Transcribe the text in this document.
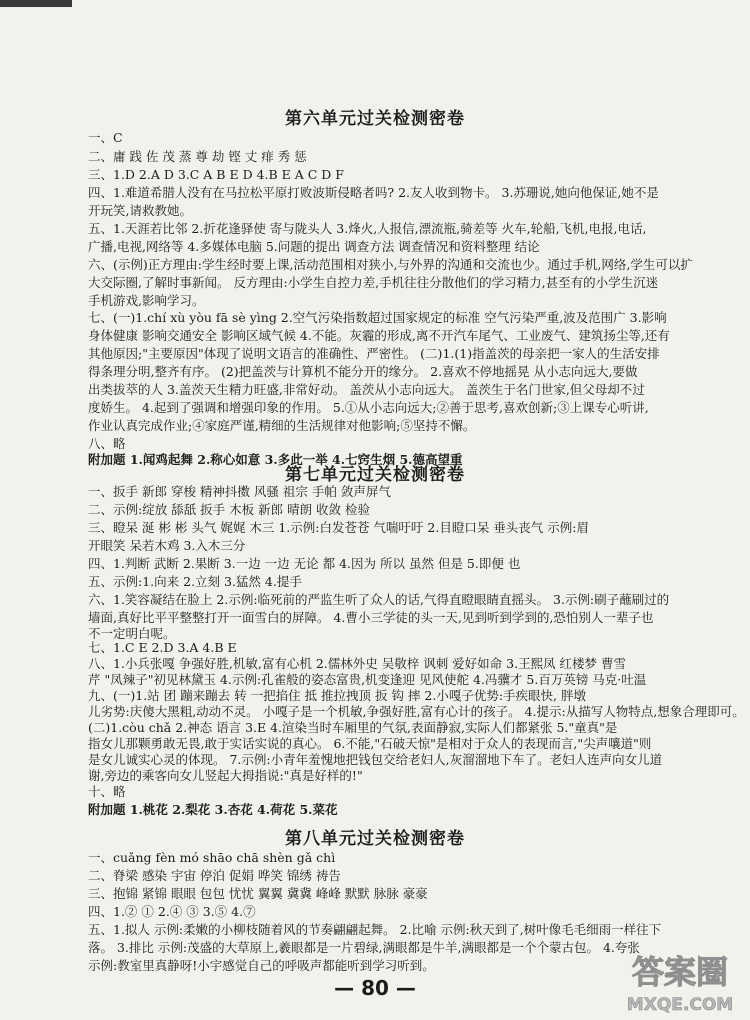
第六单元过关检测密卷
一、C
二、庸 践 佐 茂 蒸 尊 劫 铿 丈 痱 秀 惩
三、1.D 2.A D 3.C A B E D 4.B E A C D F
四、1.难道希腊人没有在马拉松平原打败波斯侵略者吗? 2.友人收到物卡。 3.苏珊说,她向他保证,她不是
开玩笑,请救教她。
五、1.天涯若比邻 2.折花逢驿使 寄与陇头人 3.烽火,人报信,漂流瓶,骑差等 火车,轮船,飞机,电报,电话,
广播,电视,网络等 4.多媒体电脑 5.问题的提出 调查方法 调查情况和资料整理 结论
六、(示例)正方理由:学生经时要上课,活动范围相对狭小,与外界的沟通和交流也少。通过手机,网络,学生可以扩
大交际圈,了解时事新闻。 反方理由:小学生自控力差,手机往往分散他们的学习精力,甚至有的小学生沉迷
手机游戏,影响学习。
七、(一)1.chí xù yòu fā sè yìng 2.空气污染指数超过国家规定的标准 空气污染严重,波及范围广 3.影响
身体健康 影响交通安全 影响区域气候 4.不能。灰霾的形成,离不开汽车尾气、工业废气、建筑扬尘等,还有
其他原因;"主要原因"体现了说明文语言的准确性、严密性。 (二)1.(1)指盖茨的母亲把一家人的生活安排
得条理分明,整齐有序。 (2)把盖茨与计算机不能分开的缘分。 2.喜欢不停地摇晃 从小志向远大,要做
出类拔萃的人 3.盖茨天生精力旺盛,非常好动。 盖茨从小志向远大。 盖茨生于名门世家,但父母却不过
度娇生。 4.起到了强调和增强印象的作用。 5.①从小志向远大;②善于思考,喜欢创新;③上课专心听讲,
作业认真完成作业;④家庭严谨,精细的生活规律对他影响;⑤坚持不懈。
八、略
附加题 1.闻鸡起舞 2.称心如意 3.多此一举 4.七窍生烟 5.德高望重
第七单元过关检测密卷
一、扳手 新郎 穿梭 精神抖擞 风骚 祖宗 手帕 敛声屏气
二、示例:绽放 舔舐 扳手 木板 新郎 晴朗 收敛 检验
三、瞪呆 涎 彬 彬 头气 娓娓 木三 1.示例:白发苍苍 气喘吁吁 2.目瞪口呆 垂头丧气 示例:眉
开眼笑 呆若木鸡 3.入木三分
四、1.判断 武断 2.果断 3.一边 一边 无论 都 4.因为 所以 虽然 但是 5.即便 也
五、示例:1.向来 2.立刻 3.猛然 4.提手
六、1.笑容凝结在脸上 2.示例:临死前的严监生听了众人的话,气得直瞪眼睛直摇头。 3.示例:刷子蘸刷过的
墙面,真好比平平整整打开一面雪白的屏障。 4.曹小三学徒的头一天,见到听到学到的,恐怕别人一辈子也
不一定明白呢。
七、1.C E 2.D 3.A 4.B E
八、1.小兵张嘎 争强好胜,机敏,富有心机 2.儒林外史 吴敬梓 讽刺 爱好如命 3.王熙凤 红楼梦 曹雪
芹 "凤辣子"初见林黛玉 4.示例:孔雀般的姿态富贵,机变逢迎 见风使舵 4.冯骥才 5.百万英镑 马克·吐温
九、(一)1.站 团 蹦来蹦去 转 一把掐住 抵 推拉拽顶 扳 钩 摔 2.小嘎子优势:手疾眼快, 胖墩
儿劣势:庆傻大黑粗,动动不灵。 小嘎子是一个机敏,争强好胜,富有心计的孩子。 4.提示:从描写人物特点,想象合理即可。
(二)1.còu chǎ 2.神态 语言 3.E 4.渲染当时车厢里的气氛,表面静寂,实际人们都紧张 5."童真"是
指女儿那颗勇敢无畏,敢于实话实说的真心。 6.不能,"石破天惊"是相对于众人的表现而言,"尖声嚷道"则
是女儿诚实心灵的体现。 7.示例:小青年羞愧地把钱包交给老妇人,灰溜溜地下车了。老妇人连声向女儿道
谢,旁边的乘客向女儿竖起大拇指说:"真是好样的!"
十、略
附加题 1.桃花 2.梨花 3.杏花 4.荷花 5.菜花
第八单元过关检测密卷
一、cuǎng fèn mó shāo chā shèn gǎ chì
二、脊梁 感染 宇宙 停泊 促娟 哗笑 锦绣 祷告
三、抱锦 紧锦 眼眼 包包 忧忧 翼翼 冀冀 峰峰 默默 脉脉 豪豪
四、1.② ① 2.④ ③ 3.⑤ 4.⑦
五、1.拟人 示例:柔嫩的小柳枝随着风的节奏翩翩起舞。 2.比喻 示例:秋天到了,树叶像毛毛细雨一样往下
落。 3.排比 示例:茂盛的大草原上,羲眼都是一片碧绿,满眼都是牛羊,满眼都是一个个蒙古包。 4.夸张
示例:教室里真静呀!小宇感觉自己的呼吸声都能听到学习听到。
— 80 —	答案圈
MXQE.COM
